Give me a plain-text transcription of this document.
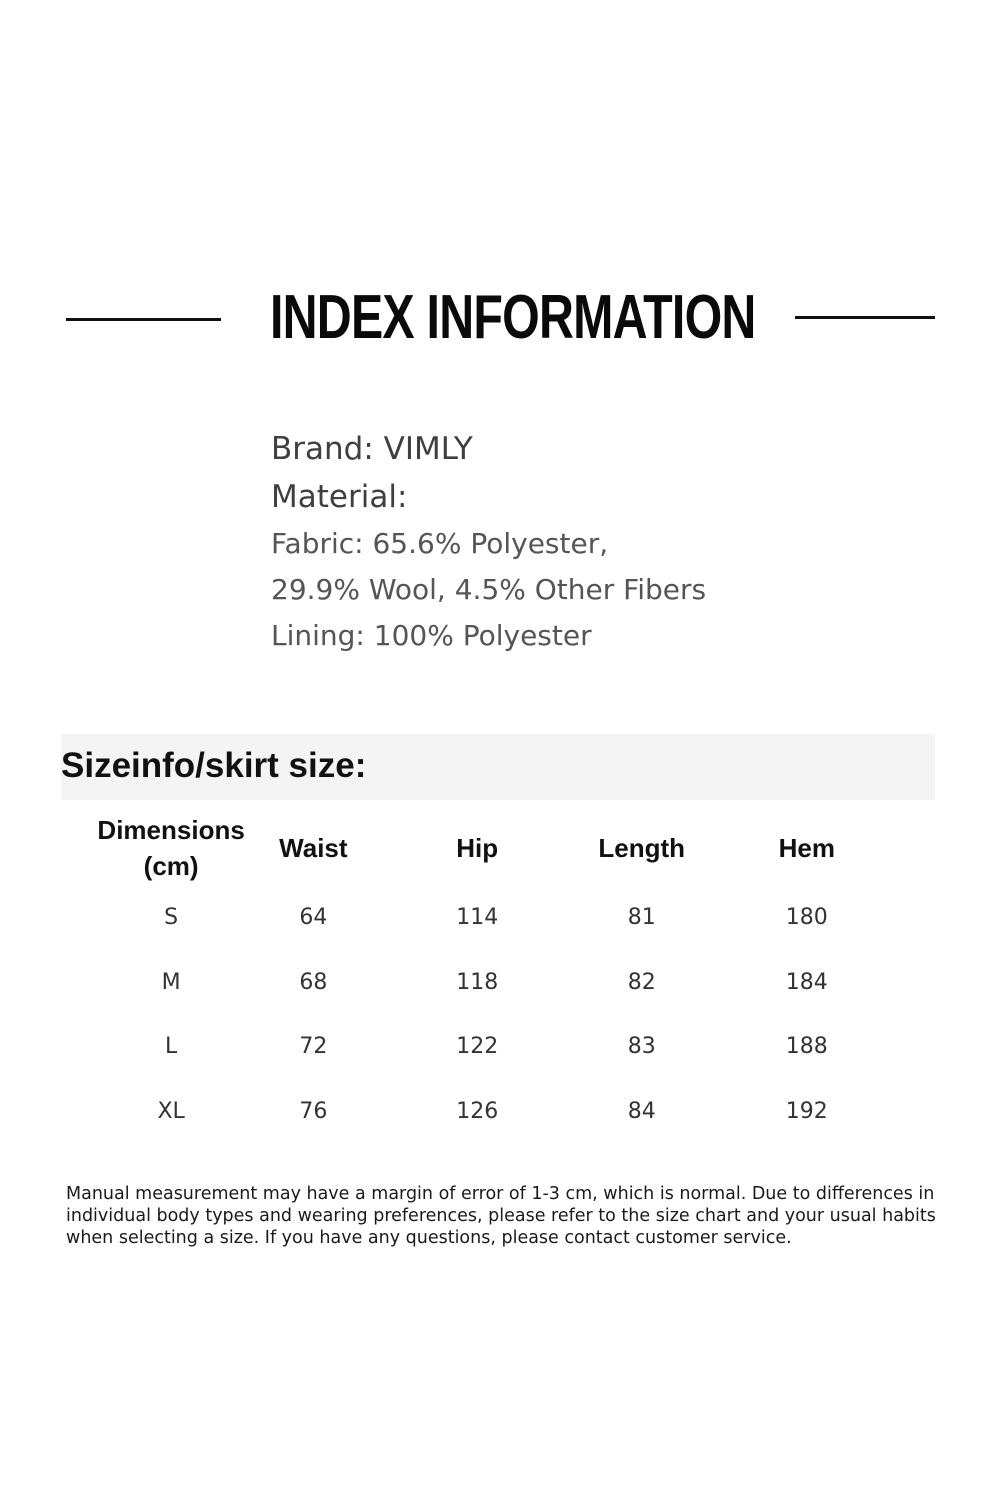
INDEX INFORMATION
Brand: VIMLY
Material:
Fabric: 65.6% Polyester,
29.9% Wool, 4.5% Other Fibers
Lining: 100% Polyester
Sizeinfo/skirt size:
Dimensions
(cm)	Waist	Hip	Length	Hem
S	64	114	81	180
M	68	118	82	184
L	72	122	83	188
XL	76	126	84	192
Manual measurement may have a margin of error of 1-3 cm, which is normal. Due to differences in individual body types and wearing preferences, please refer to the size chart and your usual habits when selecting a size. If you have any questions, please contact customer service.
